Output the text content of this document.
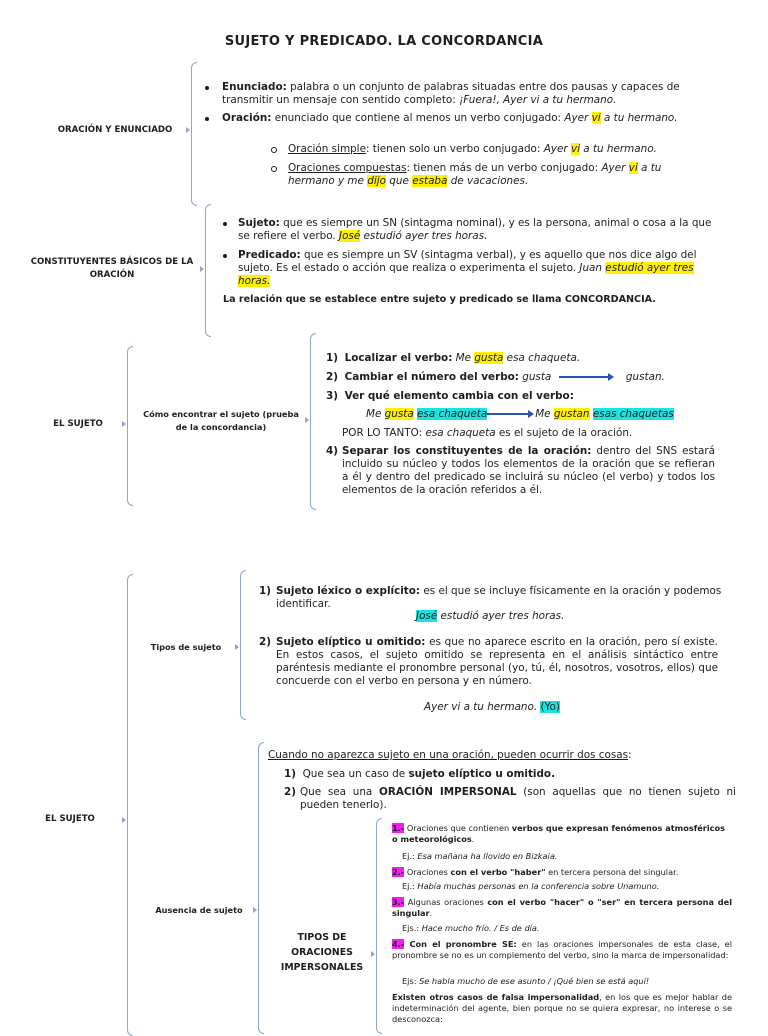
SUJETO Y PREDICADO. LA CONCORDANCIA
ORACIÓN Y ENUNCIADO
Enunciado: palabra o un conjunto de palabras situadas entre dos pausas y capaces de transmitir un mensaje con sentido completo: ¡Fuera!, Ayer vi a tu hermano.
Oración: enunciado que contiene al menos un verbo conjugado: Ayer vi a tu hermano.
Oración simple: tienen solo un verbo conjugado: Ayer vi a tu hermano.
Oraciones compuestas: tienen más de un verbo conjugado: Ayer vi a tu hermano y me dijo que estaba de vacaciones.
CONSTITUYENTES BÁSICOS DE LA ORACIÓN
Sujeto: que es siempre un SN (sintagma nominal), y es la persona, animal o cosa a la que se refiere el verbo. José estudió ayer tres horas.
Predicado: que es siempre un SV (sintagma verbal), y es aquello que nos dice algo del sujeto. Es el estado o acción que realiza o experimenta el sujeto. Juan estudió ayer tres horas.
La relación que se establece entre sujeto y predicado se llama CONCORDANCIA.
EL SUJETO
Cómo encontrar el sujeto (prueba de la concordancia)
1) Localizar el verbo: Me gusta esa chaqueta.
2) Cambiar el número del verbo: gusta	gustan.
3) Ver qué elemento cambia con el verbo:
Me gusta esa chaqueta	Me gustan esas chaquetas
POR LO TANTO: esa chaqueta es el sujeto de la oración.
4) Separar los constituyentes de la oración: dentro del SNS estará incluido su núcleo y todos los elementos de la oración que se refieran a él y dentro del predicado se incluirá su núcleo (el verbo) y todos los elementos de la oración referidos a él.
EL SUJETO
Tipos de sujeto
1) Sujeto léxico o explícito: es el que se incluye físicamente en la oración y podemos identificar.
José estudió ayer tres horas.
2) Sujeto elíptico u omitido: es que no aparece escrito en la oración, pero sí existe. En estos casos, el sujeto omitido se representa en el análisis sintáctico entre paréntesis mediante el pronombre personal (yo, tú, él, nosotros, vosotros, ellos) que concuerde con el verbo en persona y en número.
Ayer vi a tu hermano. (Yo)
Ausencia de sujeto
Cuando no aparezca sujeto en una oración, pueden ocurrir dos cosas:
1) Que sea un caso de sujeto elíptico u omitido.
2) Que sea una ORACIÓN IMPERSONAL (son aquellas que no tienen sujeto ni pueden tenerlo).
TIPOS DE ORACIONES IMPERSONALES
1.- Oraciones que contienen verbos que expresan fenómenos atmosféricos o meteorológicos.
Ej.: Esa mañana ha llovido en Bizkaia.
2.- Oraciones con el verbo "haber" en tercera persona del singular.
Ej.: Había muchas personas en la conferencia sobre Unamuno.
3.- Algunas oraciones con el verbo "hacer" o "ser" en tercera persona del singular.
Ejs.: Hace mucho frío. / Es de día.
4.- Con el pronombre SE: en las oraciones impersonales de esta clase, el pronombre se no es un complemento del verbo, sino la marca de impersonalidad:
Ejs: Se habla mucho de ese asunto / ¡Qué bien se está aquí!
Existen otros casos de falsa impersonalidad, en los que es mejor hablar de indeterminación del agente, bien porque no se quiera expresar, no interese o se desconozca:
